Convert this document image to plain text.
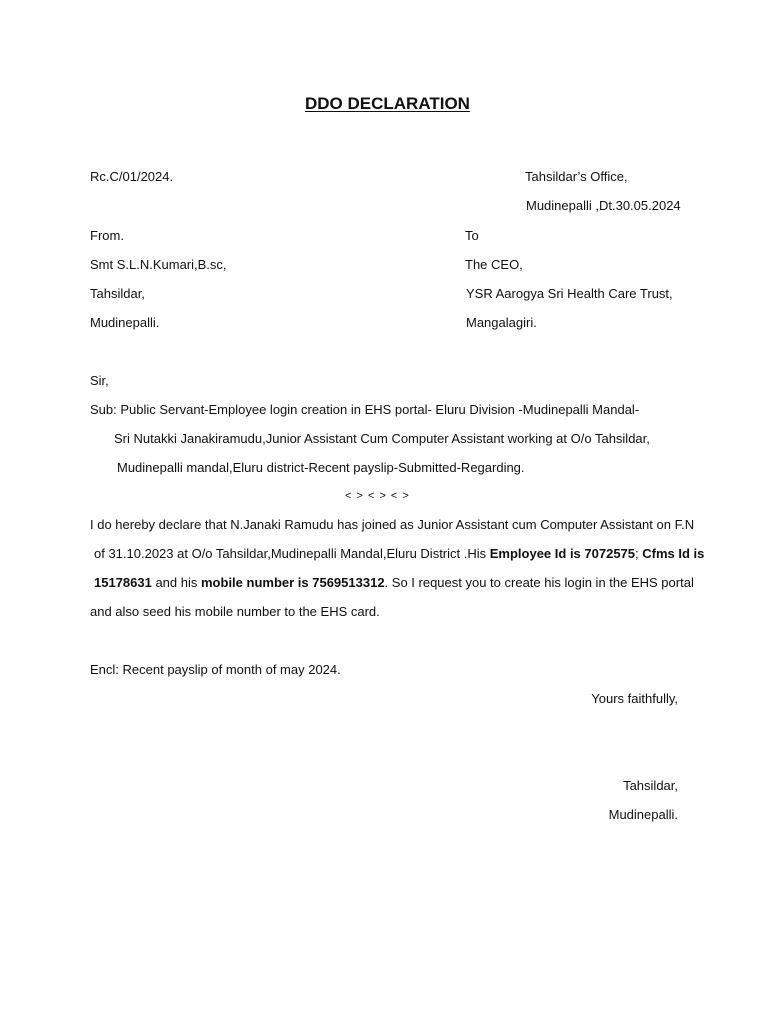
DDO DECLARATION
Rc.C/01/2024.	Tahsildar’s Office,
Mudinepalli ,Dt.30.05.2024
From.
Smt S.L.N.Kumari,B.sc,
Tahsildar,
Mudinepalli.
To
The CEO,
YSR Aarogya Sri Health Care Trust,
Mangalagiri.
Sir,
Sub: Public Servant-Employee login creation in EHS portal- Eluru Division -Mudinepalli Mandal-
Sri Nutakki Janakiramudu,Junior Assistant Cum Computer Assistant working at O/o Tahsildar,
Mudinepalli mandal,Eluru district-Recent payslip-Submitted-Regarding.
< > < > < >
I do hereby declare that N.Janaki Ramudu has joined as Junior Assistant cum Computer Assistant on F.N
of 31.10.2023 at O/o Tahsildar,Mudinepalli Mandal,Eluru District .His Employee Id is 7072575; Cfms Id is
15178631 and his mobile number is 7569513312. So I request you to create his login in the EHS portal
and also seed his mobile number to the EHS card.
Encl: Recent payslip of month of may 2024.
Yours faithfully,
Tahsildar,
Mudinepalli.
